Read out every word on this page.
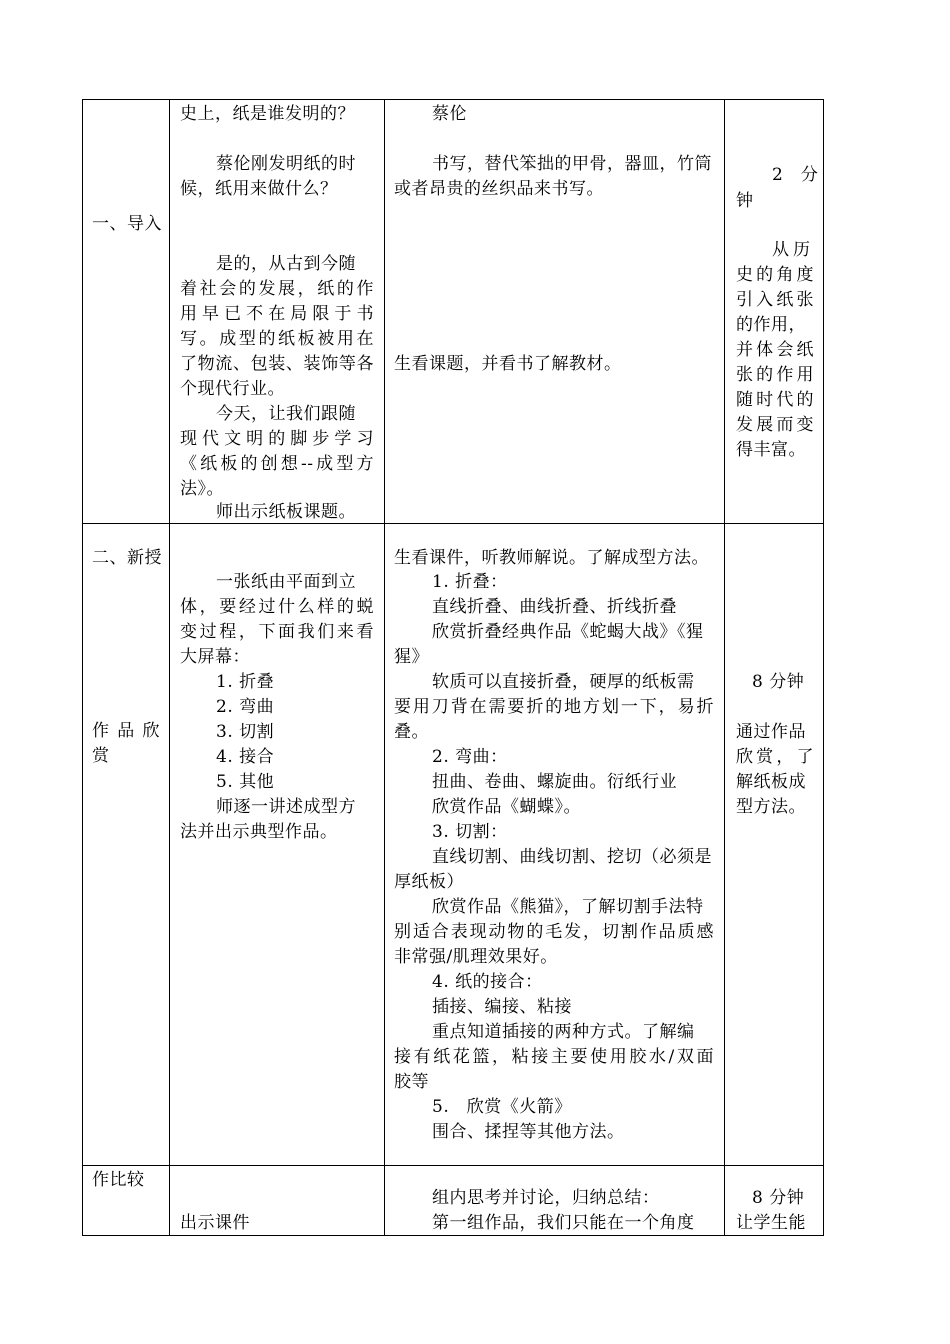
一、导入
史上，纸是谁发明的？
蔡伦刚发明纸的时
候，纸用来做什么？
是的，从古到今随
着社会的发展，纸的作
用早已不在局限于书
写。成型的纸板被用在
了物流、包装、装饰等各
个现代行业。
今天，让我们跟随
现代文明的脚步学习
《纸板的创想--成型方
法》。
师出示纸板课题。
蔡伦
书写，替代笨拙的甲骨，器皿，竹筒
或者昂贵的丝织品来书写。
生看课题，并看书了解教材。
2　分
钟
从历
史的角度
引入纸张
的作用，
并体会纸
张的作用
随时代的
发展而变
得丰富。
二、新授
作品欣
赏
一张纸由平面到立
体，要经过什么样的蜕
变过程，下面我们来看
大屏幕：
1. 折叠
2. 弯曲
3. 切割
4. 接合
5. 其他
师逐一讲述成型方
法并出示典型作品。
生看课件，听教师解说。了解成型方法。
1. 折叠：
直线折叠、曲线折叠、折线折叠
欣赏折叠经典作品《蛇蝎大战》《猩
猩》
软质可以直接折叠，硬厚的纸板需
要用刀背在需要折的地方划一下，易折
叠。
2. 弯曲：
扭曲、卷曲、螺旋曲。衍纸行业
欣赏作品《蝴蝶》。
3. 切割：
直线切割、曲线切割、挖切（必须是
厚纸板）
欣赏作品《熊猫》，了解切割手法特
别适合表现动物的毛发，切割作品质感
非常强/肌理效果好。
4. 纸的接合：
插接、编接、粘接
重点知道插接的两种方式。了解编
接有纸花篮，粘接主要使用胶水/双面
胶等
5.　欣赏《火箭》
围合、揉捏等其他方法。
8 分钟
通过作品
欣赏，了
解纸板成
型方法。
作比较
出示课件
组内思考并讨论，归纳总结：
第一组作品，我们只能在一个角度
8 分钟
让学生能
